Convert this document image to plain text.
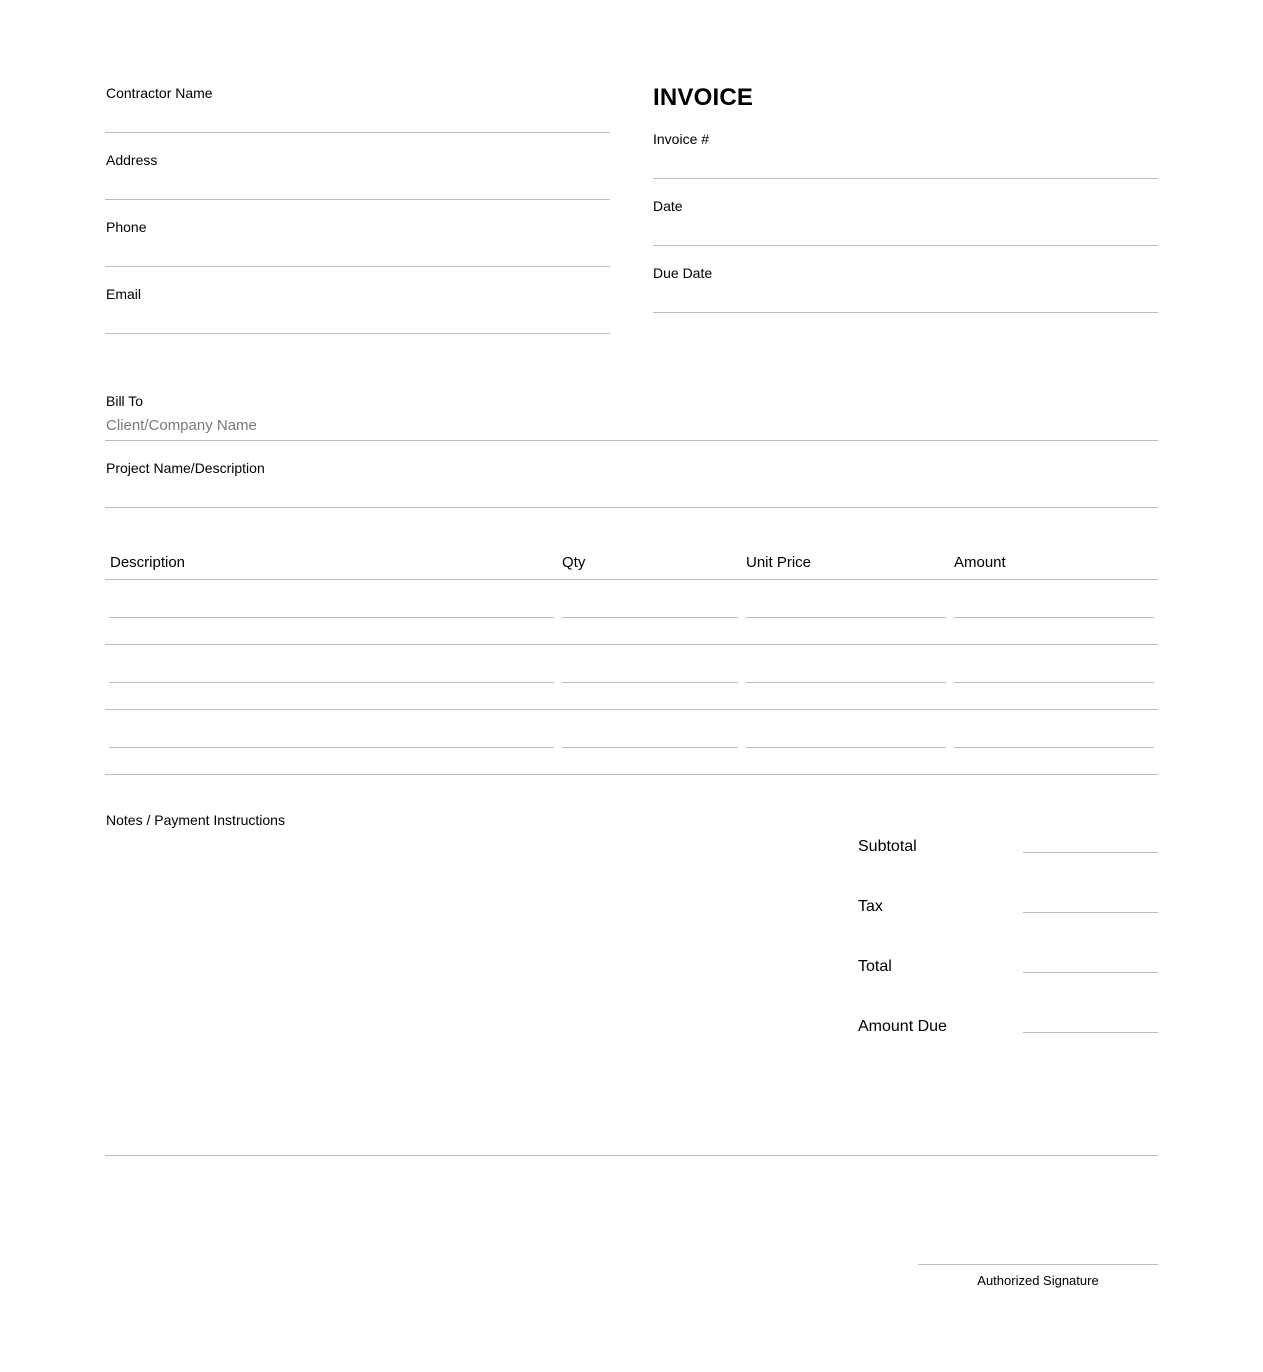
Contractor Name
Address
Phone
Email
INVOICE
Invoice #
Date
Due Date
Bill To
Client/Company Name
Project Name/Description
Description	Qty	Unit Price	Amount
Notes / Payment Instructions
Subtotal
Tax
Total
Amount Due
Authorized Signature
